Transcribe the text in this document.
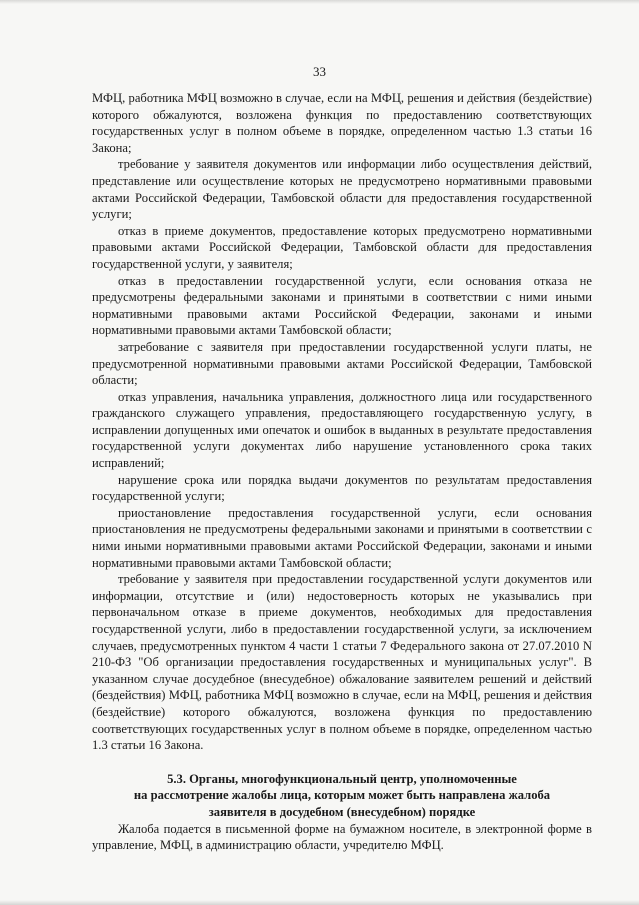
33

МФЦ, работника МФЦ возможно в случае, если на МФЦ, решения и действия (бездействие) которого обжалуются, возложена функция по предоставлению соответствующих государственных услуг в полном объеме в порядке, определенном частью 1.3 статьи 16 Закона;

требование у заявителя документов или информации либо осуществления действий, представление или осуществление которых не предусмотрено нормативными правовыми актами Российской Федерации, Тамбовской области для предоставления государственной услуги;

отказ в приеме документов, предоставление которых предусмотрено нормативными правовыми актами Российской Федерации, Тамбовской области для предоставления государственной услуги, у заявителя;

отказ в предоставлении государственной услуги, если основания отказа не предусмотрены федеральными законами и принятыми в соответствии с ними иными нормативными правовыми актами Российской Федерации, законами и иными нормативными правовыми актами Тамбовской области;

затребование с заявителя при предоставлении государственной услуги платы, не предусмотренной нормативными правовыми актами Российской Федерации, Тамбовской области;

отказ управления, начальника управления, должностного лица или государственного гражданского служащего управления, предоставляющего государственную услугу, в исправлении допущенных ими опечаток и ошибок в выданных в результате предоставления государственной услуги документах либо нарушение установленного срока таких исправлений;

нарушение срока или порядка выдачи документов по результатам предоставления государственной услуги;

приостановление предоставления государственной услуги, если основания приостановления не предусмотрены федеральными законами и принятыми в соответствии с ними иными нормативными правовыми актами Российской Федерации, законами и иными нормативными правовыми актами Тамбовской области;

требование у заявителя при предоставлении государственной услуги документов или информации, отсутствие и (или) недостоверность которых не указывались при первоначальном отказе в приеме документов, необходимых для предоставления государственной услуги, либо в предоставлении государственной услуги, за исключением случаев, предусмотренных пунктом 4 части 1 статьи 7 Федерального закона от 27.07.2010 N 210-ФЗ "Об организации предоставления государственных и муниципальных услуг". В указанном случае досудебное (внесудебное) обжалование заявителем решений и действий (бездействия) МФЦ, работника МФЦ возможно в случае, если на МФЦ, решения и действия (бездействие) которого обжалуются, возложена функция по предоставлению соответствующих государственных услуг в полном объеме в порядке, определенном частью 1.3 статьи 16 Закона.

5.3. Органы, многофункциональный центр, уполномоченные
на рассмотрение жалобы лица, которым может быть направлена жалоба
заявителя в досудебном (внесудебном) порядке

Жалоба подается в письменной форме на бумажном носителе, в электронной форме в управление, МФЦ, в администрацию области, учредителю МФЦ.
